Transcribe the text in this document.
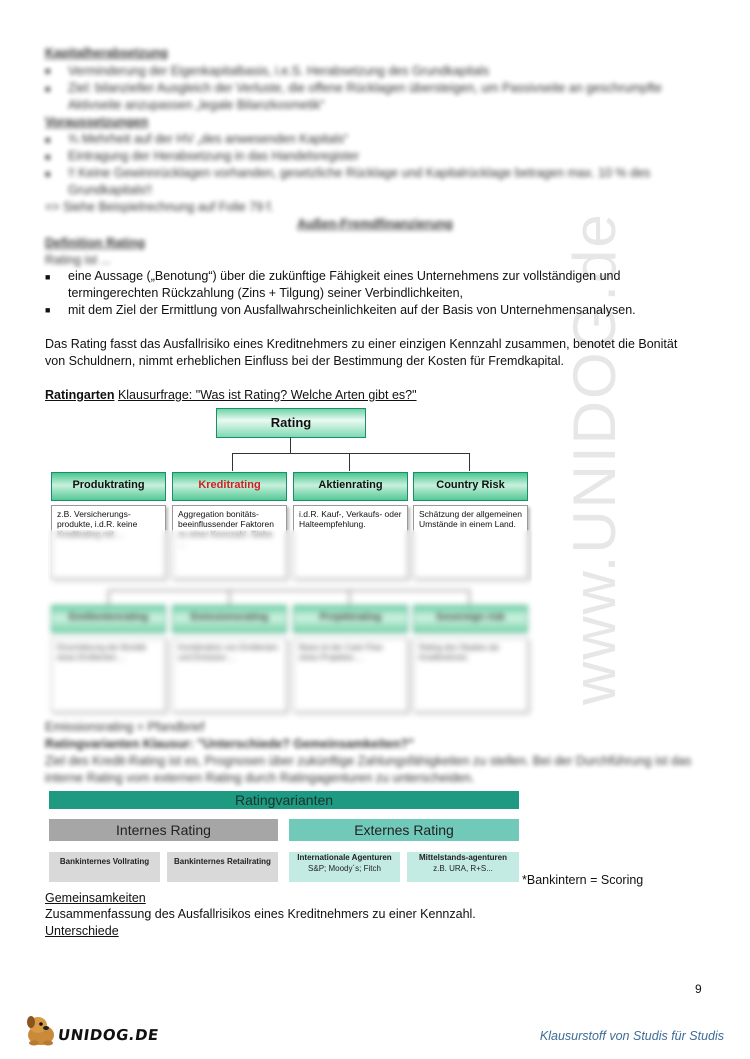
www.UNIDOG.de
Kapitalherabsetzung
■ Verminderung der Eigenkapitalbasis, i.e.S. Herabsetzung des Grundkapitals
■ Ziel: bilanzieller Ausgleich der Verluste, die offene Rücklagen übersteigen, um Passivseite an geschrumpfte
Aktivseite anzupassen „legale Bilanzkosmetik“
Voraussetzungen
■ ¾ Mehrheit auf der HV „des anwesenden Kapitals“
■ Eintragung der Herabsetzung in das Handelsregister
■ !! Keine Gewinnrücklagen vorhanden, gesetzliche Rücklage und Kapitalrücklage betragen max. 10 % des
Grundkapitals!!
=> Siehe Beispielrechnung auf Folie 79 f.
Außen-Fremdfinanzierung
Definition Rating
Rating ist ...
■ eine Aussage („Benotung“) über die zukünftige Fähigkeit eines Unternehmens zur vollständigen und
termingerechten Rückzahlung (Zins + Tilgung) seiner Verbindlichkeiten,
■ mit dem Ziel der Ermittlung von Ausfallwahrscheinlichkeiten auf der Basis von Unternehmensanalysen.
Das Rating fasst das Ausfallrisiko eines Kreditnehmers zu einer einzigen Kennzahl zusammen, benotet die Bonität
von Schuldnern, nimmt erheblichen Einfluss bei der Bestimmung der Kosten für Fremdkapital.
Ratingarten Klausurfrage: "Was ist Rating? Welche Arten gibt es?"
Rating
Produktrating	Kreditrating	Aktienrating	Country Risk
z.B. Versicherungs-produkte, i.d.R. keine Kreditrating mit ...
Aggregation bonitäts-beeinflussender Faktoren zu einer Kennzahl. Siehe ...
i.d.R. Kauf-, Verkaufs- oder Halteempfehlung.
Schätzung der allgemeinen Umstände in einem Land.
Emittentenrating	Emissionsrating	Projektrating	Sovereign risk
Einschätzung der Bonität eines Emittenten ...
Kombination von Emittenten und Emission ...
Basis ist der Cash Flow eines Projektes ...
Rating des Staates als Kreditnehmer.
Emissionsrating = Pfandbrief
Ratingvarianten Klausur: "Unterschiede? Gemeinsamkeiten?"
Ziel des Kredit-Rating ist es, Prognosen über zukünftige Zahlungsfähigkeiten zu stellen. Bei der Durchführung ist das
interne Rating vom externen Rating durch Ratingagenturen zu unterscheiden.
Ratingvarianten
Internes Rating	Externes Rating
Bankinternes Vollrating	Bankinternes Retailrating	Internationale Agenturen
S&P; Moody´s; Fitch
Mittelstands-agenturen
z.B. URA, R+S...
*Bankintern = Scoring
Gemeinsamkeiten
Zusammenfassung des Ausfallrisikos eines Kreditnehmers zu einer Kennzahl.
Unterschiede
9
UNIDOG.DE	Klausurstoff von Studis für Studis
